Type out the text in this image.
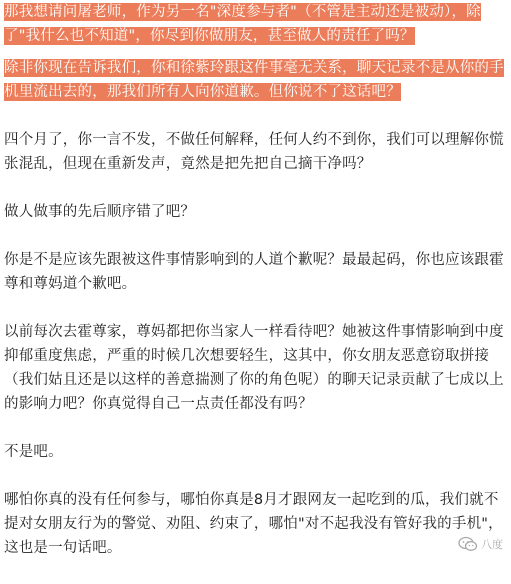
那我想请问屠老师，作为另一名"深度参与者"（不管是主动还是被动），除了"我什么也不知道"，你尽到你做朋友，甚至做人的责任了吗？

除非你现在告诉我们，你和徐紫玲跟这件事毫无关系，聊天记录不是从你的手机里流出去的，那我们所有人向你道歉。但你说不了这话吧？

四个月了，你一言不发，不做任何解释，任何人约不到你，我们可以理解你慌张混乱，但现在重新发声，竟然是把先把自己摘干净吗？

做人做事的先后顺序错了吧？

你是不是应该先跟被这件事情影响到的人道个歉呢？最最起码，你也应该跟霍尊和尊妈道个歉吧。

以前每次去霍尊家，尊妈都把你当家人一样看待吧？她被这件事情影响到中度抑郁重度焦虑，严重的时候几次想要轻生，这其中，你女朋友恶意窃取拼接（我们姑且还是以这样的善意揣测了你的角色呢）的聊天记录贡献了七成以上的影响力吧？你真觉得自己一点责任都没有吗？

不是吧。

哪怕你真的没有任何参与，哪怕你真是8月才跟网友一起吃到的瓜，我们就不提对女朋友行为的警觉、劝阻、约束了，哪怕"对不起我没有管好我的手机"，这也是一句话吧。	八度
